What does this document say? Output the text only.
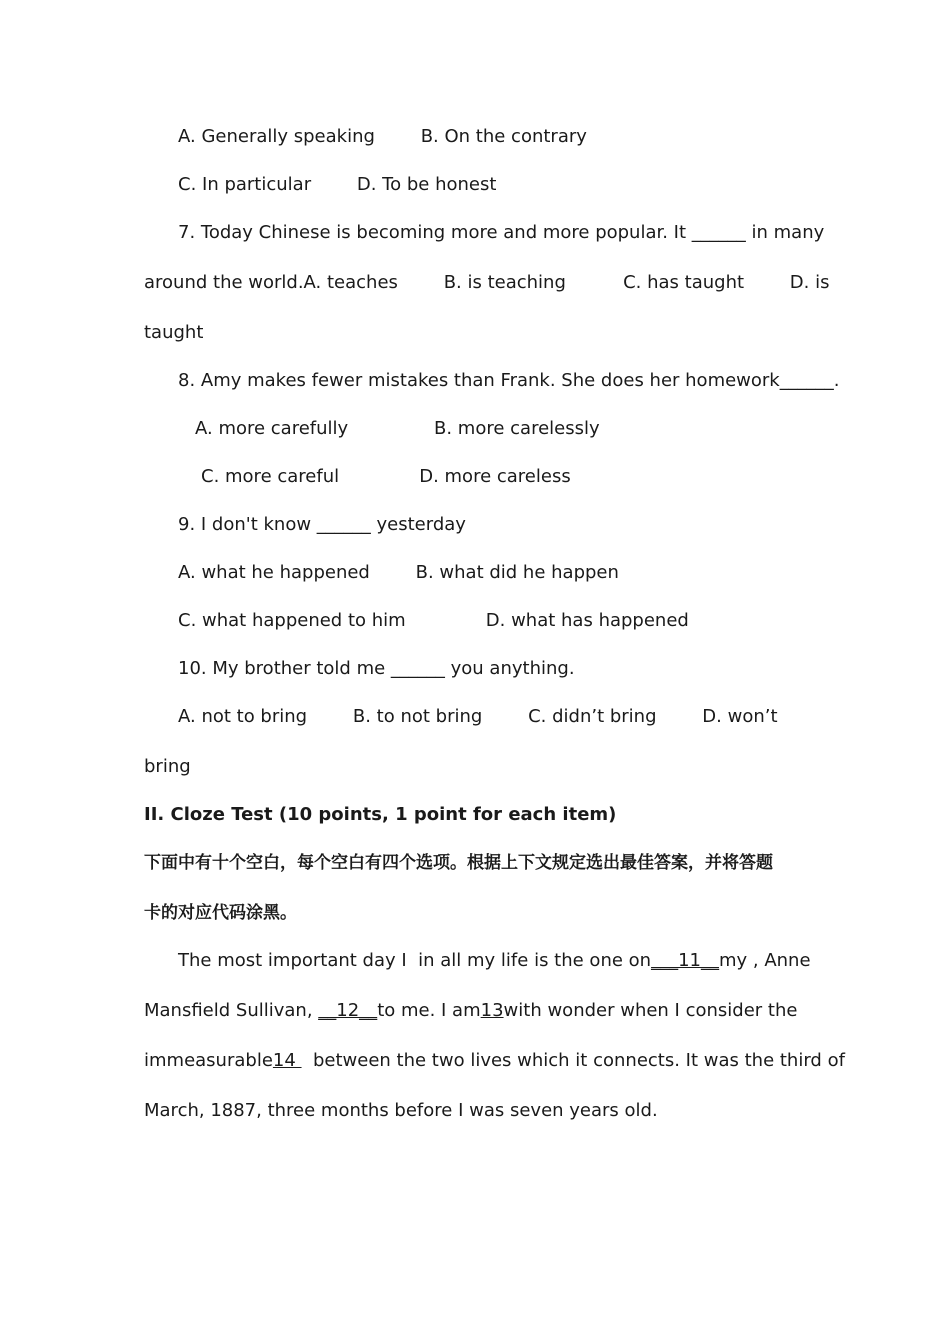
A. Generally speaking        B. On the contrary

C. In particular        D. To be honest

7. Today Chinese is becoming more and more popular. It ______ in many

around the world.A. teaches        B. is teaching          C. has taught        D. is

taught

8. Amy makes fewer mistakes than Frank. She does her homework______.

A. more carefully               B. more carelessly

C. more careful              D. more careless

9. I don't know ______ yesterday

A. what he happened        B. what did he happen

C. what happened to him              D. what has happened

10. My brother told me ______ you anything.

A. not to bring        B. to not bring        C. didn’t bring        D. won’t

bring

II. Cloze Test (10 points, 1 point for each item)

下面中有十个空白，每个空白有四个选项。根据上下文规定选出最佳答案，并将答题

卡的对应代码涂黑。

The most important day I  in all my life is the one on___11__my , Anne

Mansfield Sullivan, __12__to me. I am13with wonder when I consider the

immeasurable14   between the two lives which it connects. It was the third of

March, 1887, three months before I was seven years old.
